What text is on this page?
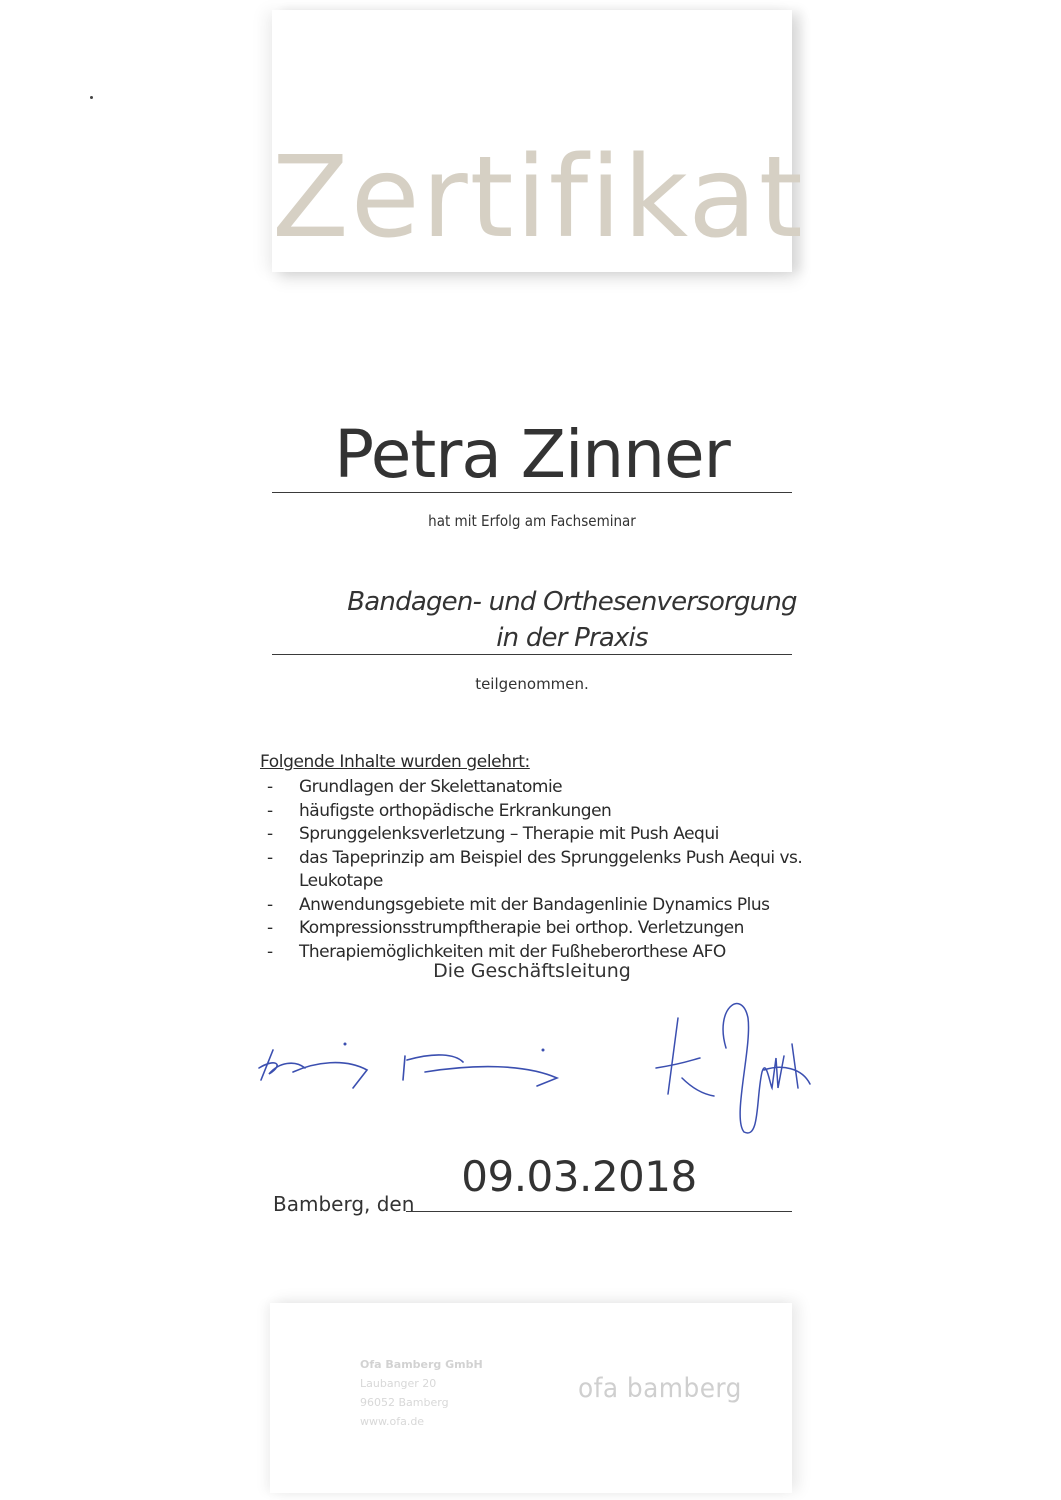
Zertifikat
Petra Zinner
hat mit Erfolg am Fachseminar
Bandagen- und Orthesenversorgung
in der Praxis
teilgenommen.
Folgende Inhalte wurden gelehrt:
- Grundlagen der Skelettanatomie
- häufigste orthopädische Erkrankungen
- Sprunggelenksverletzung – Therapie mit Push Aequi
- das Tapeprinzip am Beispiel des Sprunggelenks Push Aequi vs. Leukotape
- Anwendungsgebiete mit der Bandagenlinie Dynamics Plus
- Kompressionsstrumpftherapie bei orthop. Verletzungen
- Therapiemöglichkeiten mit der Fußheberorthese AFO
Die Geschäftsleitung
09.03.2018
Bamberg, den
Ofa Bamberg GmbH
Laubanger 20
96052 Bamberg
www.ofa.de
ofa bamberg
